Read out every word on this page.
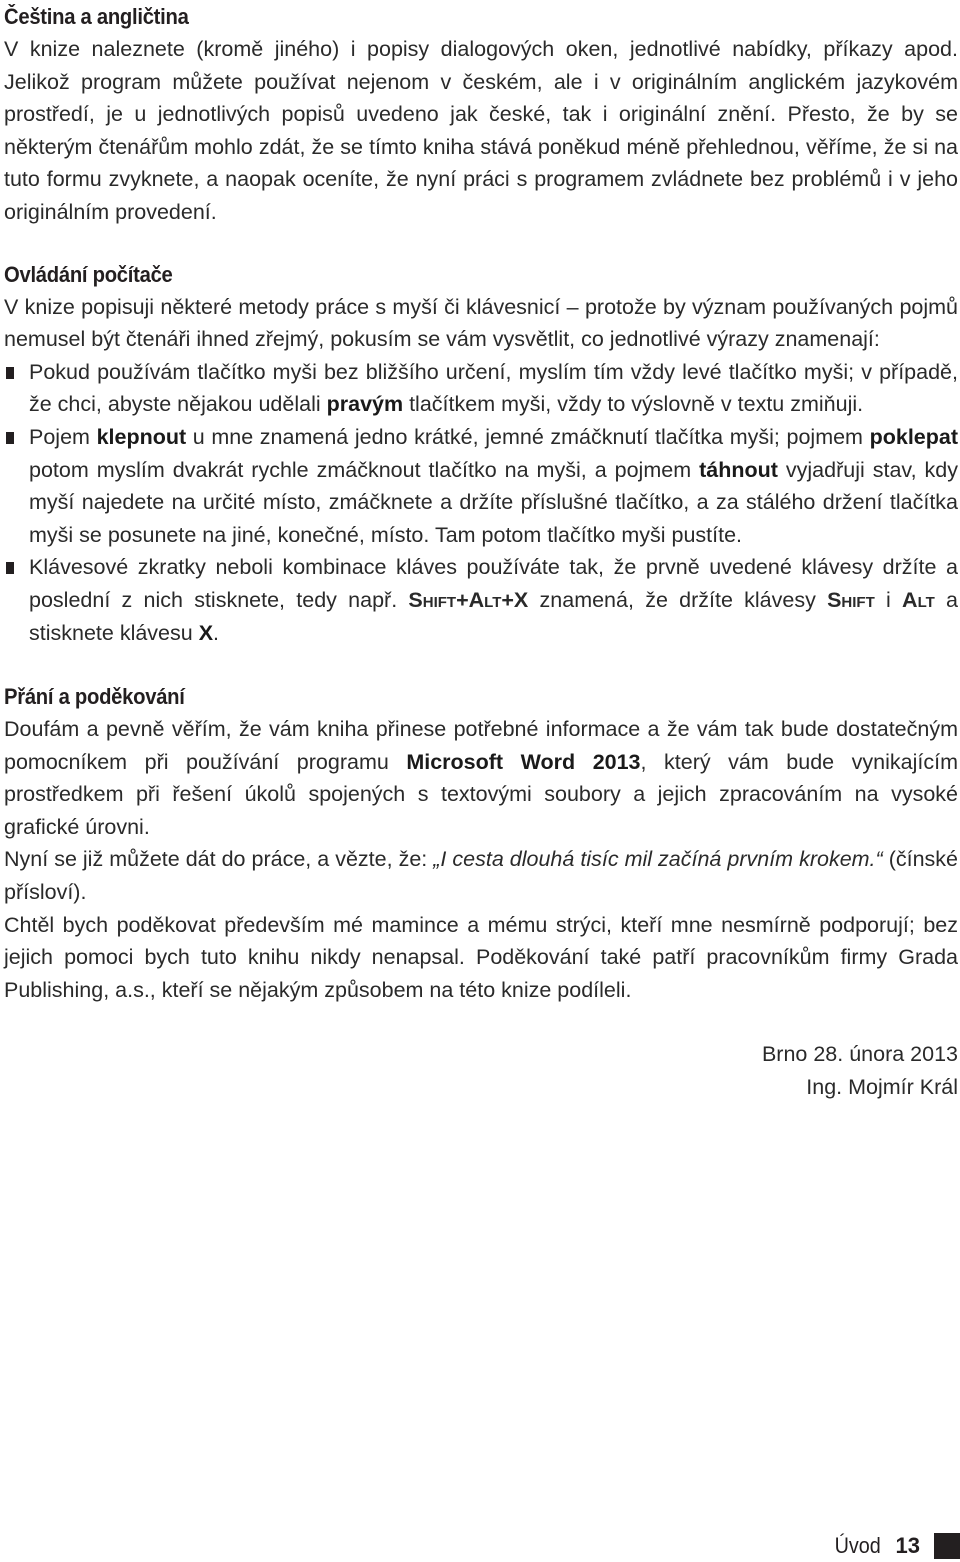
Čeština a angličtina

V knize naleznete (kromě jiného) i popisy dialogových oken, jednotlivé nabídky, příkazy apod. Jelikož program můžete používat nejenom v českém, ale i v originálním anglickém jazykovém prostředí, je u jednotlivých popisů uvedeno jak české, tak i originální znění. Přesto, že by se některým čtenářům mohlo zdát, že se tímto kniha stává poněkud méně přehlednou, věříme, že si na tuto formu zvyknete, a naopak oceníte, že nyní práci s programem zvládnete bez problémů i v jeho originálním provedení.

Ovládání počítače

V knize popisuji některé metody práce s myší či klávesnicí – protože by význam používaných pojmů nemusel být čtenáři ihned zřejmý, pokusím se vám vysvětlit, co jednotlivé výrazy znamenají:

Pokud používám tlačítko myši bez bližšího určení, myslím tím vždy levé tlačítko myši; v případě, že chci, abyste nějakou udělali pravým tlačítkem myši, vždy to výslovně v textu zmiňuji.
Pojem klepnout u mne znamená jedno krátké, jemné zmáčknutí tlačítka myši; pojmem poklepat potom myslím dvakrát rychle zmáčknout tlačítko na myši, a pojmem táhnout vyjadřuji stav, kdy myší najedete na určité místo, zmáčknete a držíte příslušné tlačítko, a za stálého držení tlačítka myši se posunete na jiné, konečné, místo. Tam potom tlačítko myši pustíte.
Klávesové zkratky neboli kombinace kláves používáte tak, že prvně uvedené klávesy držíte a poslední z nich stisknete, tedy např. Shift+Alt+X znamená, že držíte klávesy Shift i Alt a stisknete klávesu X.
Přání a poděkování

Doufám a pevně věřím, že vám kniha přinese potřebné informace a že vám tak bude dostatečným pomocníkem při používání programu Microsoft Word 2013, který vám bude vynikajícím prostředkem při řešení úkolů spojených s textovými soubory a jejich zpracováním na vysoké grafické úrovni.

Nyní se již můžete dát do práce, a vězte, že: „I cesta dlouhá tisíc mil začíná prvním krokem.“ (čínské přísloví).

Chtěl bych poděkovat především mé mamince a mému strýci, kteří mne nesmírně podporují; bez jejich pomoci bych tuto knihu nikdy nenapsal. Poděkování také patří pracovníkům firmy Grada Publishing, a.s., kteří se nějakým způsobem na této knize podíleli.

Brno 28. února 2013
Ing. Mojmír Král
Úvod 13
